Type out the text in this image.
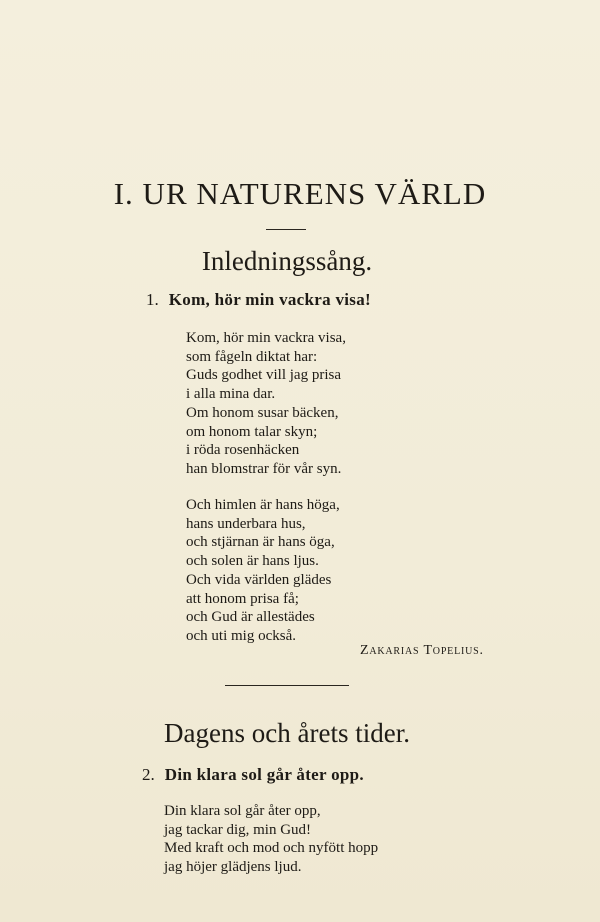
I. UR NATURENS VÄRLD
Inledningssång.
1. Kom, hör min vackra visa!
Kom, hör min vackra visa,
som fågeln diktat har:
Guds godhet vill jag prisa
i alla mina dar.
Om honom susar bäcken,
om honom talar skyn;
i röda rosenhäcken
han blomstrar för vår syn.
Och himlen är hans höga,
hans underbara hus,
och stjärnan är hans öga,
och solen är hans ljus.
Och vida världen glädes
att honom prisa få;
och Gud är allestädes
och uti mig också.
Zakarias Topelius.
Dagens och årets tider.
2. Din klara sol går åter opp.
Din klara sol går åter opp,
jag tackar dig, min Gud!
Med kraft och mod och nyfött hopp
jag höjer glädjens ljud.
